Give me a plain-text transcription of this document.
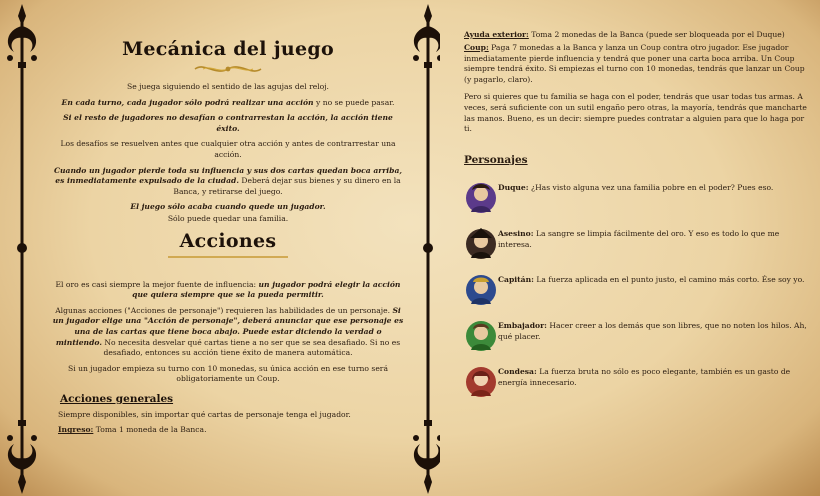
Mecánica del juego

Se juega siguiendo el sentido de las agujas del reloj.

En cada turno, cada jugador sólo podrá realizar una acción y no se puede pasar.

Si el resto de jugadores no desafían o contrarrestan la acción, la acción tiene éxito.

Los desafíos se resuelven antes que cualquier otra acción y antes de contrarrestar una acción.

Cuando un jugador pierde toda su influencia y sus dos cartas quedan boca arriba, es inmediatamente expulsado de la ciudad. Deberá dejar sus bienes y su dinero en la Banca, y retirarse del juego.

El juego sólo acaba cuando quede un jugador.

Sólo puede quedar una familia.

Acciones

El oro es casi siempre la mejor fuente de influencia: un jugador podrá elegir la acción que quiera siempre que se la pueda permitir.

Algunas acciones ("Acciones de personaje") requieren las habilidades de un personaje. Si un jugador elige una "Acción de personaje", deberá anunciar que ese personaje es una de las cartas que tiene boca abajo. Puede estar diciendo la verdad o mintiendo. No necesita desvelar qué cartas tiene a no ser que se sea desafiado. Si no es desafiado, entonces su acción tiene éxito de manera automática.

Si un jugador empieza su turno con 10 monedas, su única acción en ese turno será obligatoriamente un Coup.

Acciones generales

Siempre disponibles, sin importar qué cartas de personaje tenga el jugador.

Ingreso: Toma 1 moneda de la Banca.

Ayuda exterior: Toma 2 monedas de la Banca (puede ser bloqueada por el Duque)

Coup: Paga 7 monedas a la Banca y lanza un Coup contra otro jugador. Ese jugador inmediatamente pierde influencia y tendrá que poner una carta boca arriba. Un Coup siempre tendrá éxito. Si empiezas el turno con 10 monedas, tendrás que lanzar un Coup (y pagarlo, claro).

Pero si quieres que tu familia se haga con el poder, tendrás que usar todas tus armas. A veces, será suficiente con un sutil engaño pero otras, la mayoría, tendrás que mancharte las manos. Bueno, es un decir: siempre puedes contratar a alguien para que lo haga por ti.

Personajes
Duque: ¿Has visto alguna vez una familia pobre en el poder? Pues eso.
Asesino: La sangre se limpia fácilmente del oro. Y eso es todo lo que me interesa.
Capitán: La fuerza aplicada en el punto justo, el camino más corto. Ése soy yo.
Embajador: Hacer creer a los demás que son libres, que no noten los hilos. Ah, qué placer.
Condesa: La fuerza bruta no sólo es poco elegante, también es un gasto de energía innecesario.
